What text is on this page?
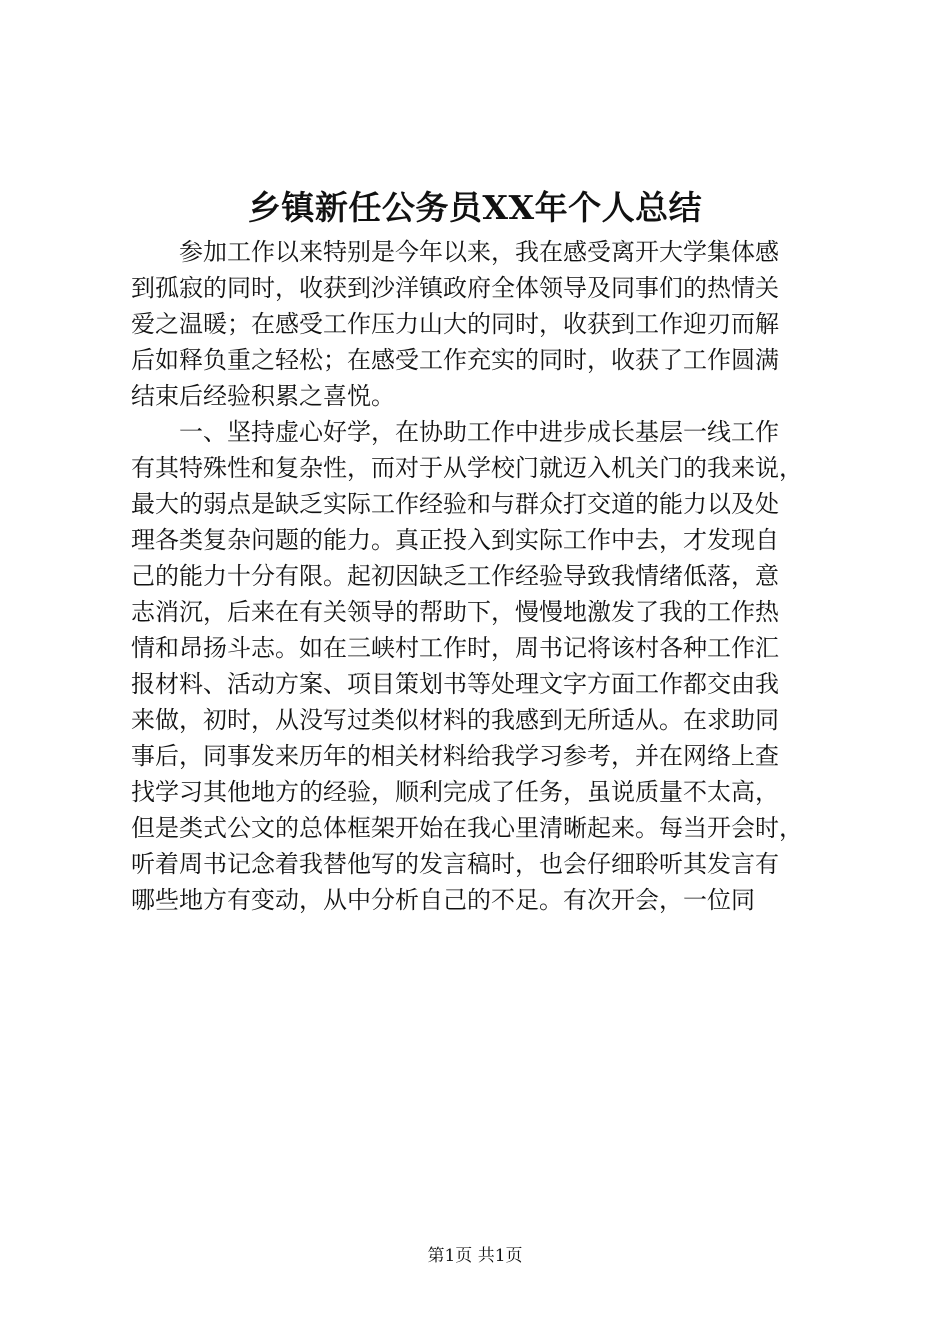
乡镇新任公务员XX年个人总结
参加工作以来特别是今年以来，我在感受离开大学集体感
到孤寂的同时，收获到沙洋镇政府全体领导及同事们的热情关
爱之温暖；在感受工作压力山大的同时，收获到工作迎刃而解
后如释负重之轻松；在感受工作充实的同时，收获了工作圆满
结束后经验积累之喜悦。
一、坚持虚心好学，在协助工作中进步成长基层一线工作
有其特殊性和复杂性，而对于从学校门就迈入机关门的我来说，
最大的弱点是缺乏实际工作经验和与群众打交道的能力以及处
理各类复杂问题的能力。真正投入到实际工作中去，才发现自
己的能力十分有限。起初因缺乏工作经验导致我情绪低落，意
志消沉，后来在有关领导的帮助下，慢慢地激发了我的工作热
情和昂扬斗志。如在三峡村工作时，周书记将该村各种工作汇
报材料、活动方案、项目策划书等处理文字方面工作都交由我
来做，初时，从没写过类似材料的我感到无所适从。在求助同
事后，同事发来历年的相关材料给我学习参考，并在网络上查
找学习其他地方的经验，顺利完成了任务，虽说质量不太高，
但是类式公文的总体框架开始在我心里清晰起来。每当开会时，
听着周书记念着我替他写的发言稿时，也会仔细聆听其发言有
哪些地方有变动，从中分析自己的不足。有次开会，一位同
第1页 共1页
